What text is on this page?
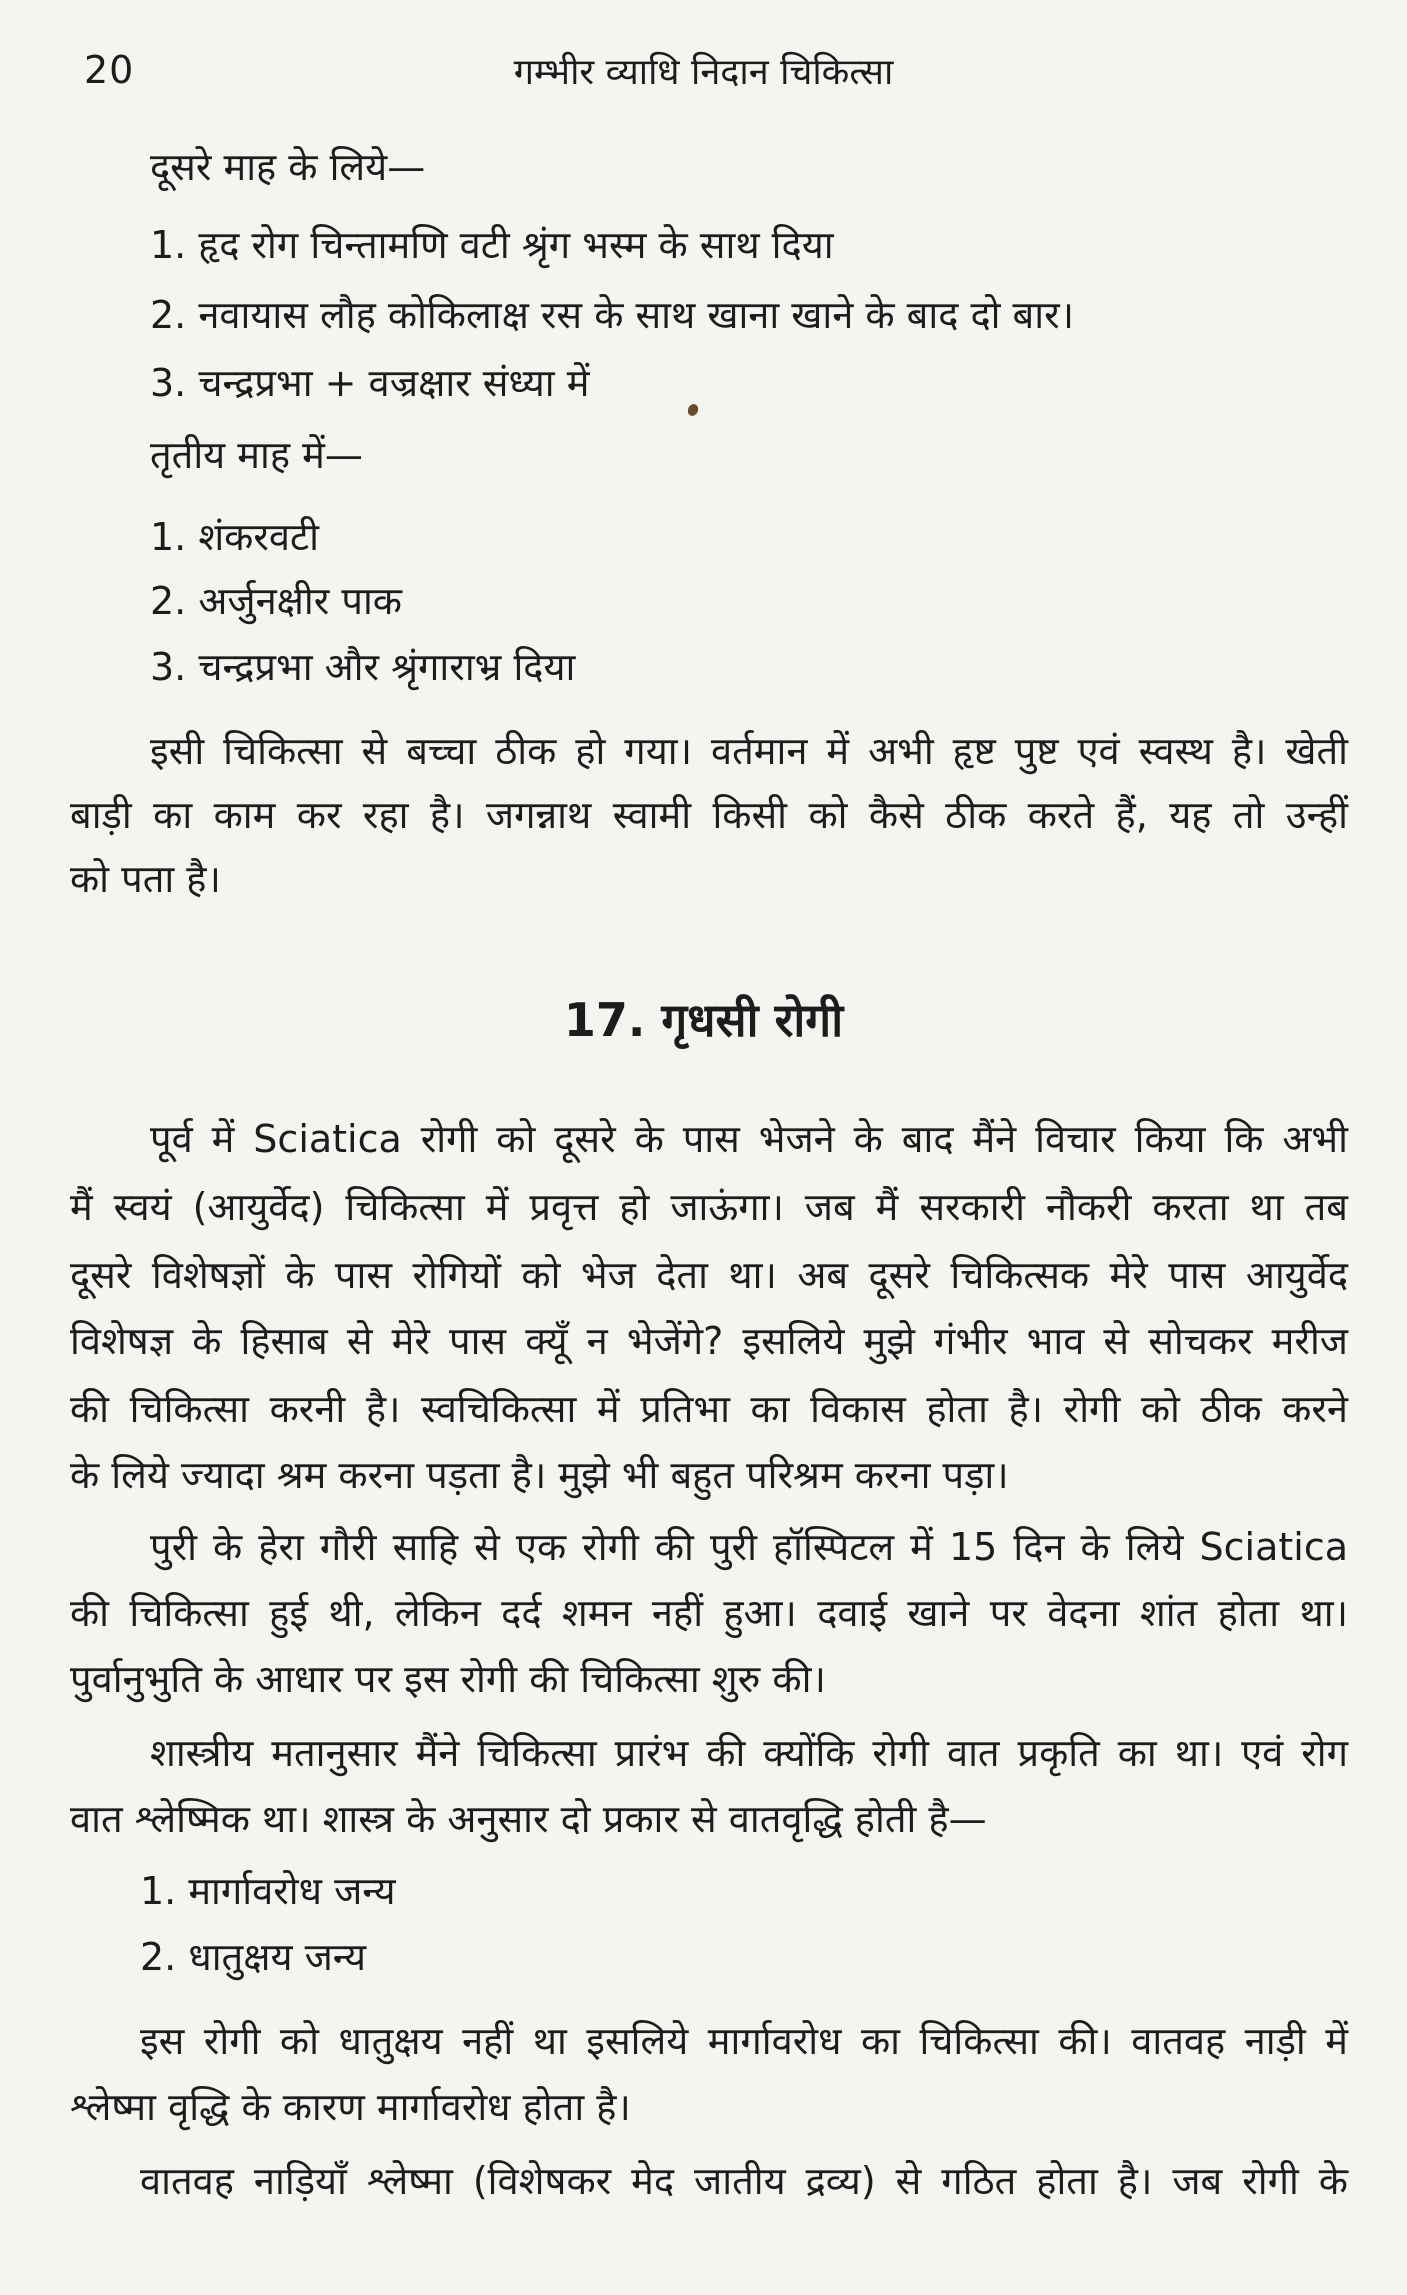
20	गम्भीर व्याधि निदान चिकित्सा
दूसरे माह के लिये—
1. हृद रोग चिन्तामणि वटी श्रृंग भस्म के साथ दिया
2. नवायास लौह कोकिलाक्ष रस के साथ खाना खाने के बाद दो बार।
3. चन्द्रप्रभा + वज्रक्षार संध्या में
तृतीय माह में—
1. शंकरवटी
2. अर्जुनक्षीर पाक
3. चन्द्रप्रभा और श्रृंगाराभ्र दिया
इसी चिकित्सा से बच्चा ठीक हो गया। वर्तमान में अभी हृष्ट पुष्ट एवं स्वस्थ है। खेती
बाड़ी का काम कर रहा है। जगन्नाथ स्वामी किसी को कैसे ठीक करते हैं, यह तो उन्हीं
को पता है।
17. गृधसी रोगी
पूर्व में Sciatica रोगी को दूसरे के पास भेजने के बाद मैंने विचार किया कि अभी
मैं स्वयं (आयुर्वेद) चिकित्सा में प्रवृत्त हो जाऊंगा। जब मैं सरकारी नौकरी करता था तब
दूसरे विशेषज्ञों के पास रोगियों को भेज देता था। अब दूसरे चिकित्सक मेरे पास आयुर्वेद
विशेषज्ञ के हिसाब से मेरे पास क्यूँ न भेजेंगे? इसलिये मुझे गंभीर भाव से सोचकर मरीज
की चिकित्सा करनी है। स्वचिकित्सा में प्रतिभा का विकास होता है। रोगी को ठीक करने
के लिये ज्यादा श्रम करना पड़ता है। मुझे भी बहुत परिश्रम करना पड़ा।
पुरी के हेरा गौरी साहि से एक रोगी की पुरी हॉस्पिटल में 15 दिन के लिये Sciatica
की चिकित्सा हुई थी, लेकिन दर्द शमन नहीं हुआ। दवाई खाने पर वेदना शांत होता था।
पुर्वानुभुति के आधार पर इस रोगी की चिकित्सा शुरु की।
शास्त्रीय मतानुसार मैंने चिकित्सा प्रारंभ की क्योंकि रोगी वात प्रकृति का था। एवं रोग
वात श्लेष्मिक था। शास्त्र के अनुसार दो प्रकार से वातवृद्धि होती है—
1. मार्गावरोध जन्य
2. धातुक्षय जन्य
इस रोगी को धातुक्षय नहीं था इसलिये मार्गावरोध का चिकित्सा की। वातवह नाड़ी में
श्लेष्मा वृद्धि के कारण मार्गावरोध होता है।
वातवह नाड़ियाँ श्लेष्मा (विशेषकर मेद जातीय द्रव्य) से गठित होता है। जब रोगी के
